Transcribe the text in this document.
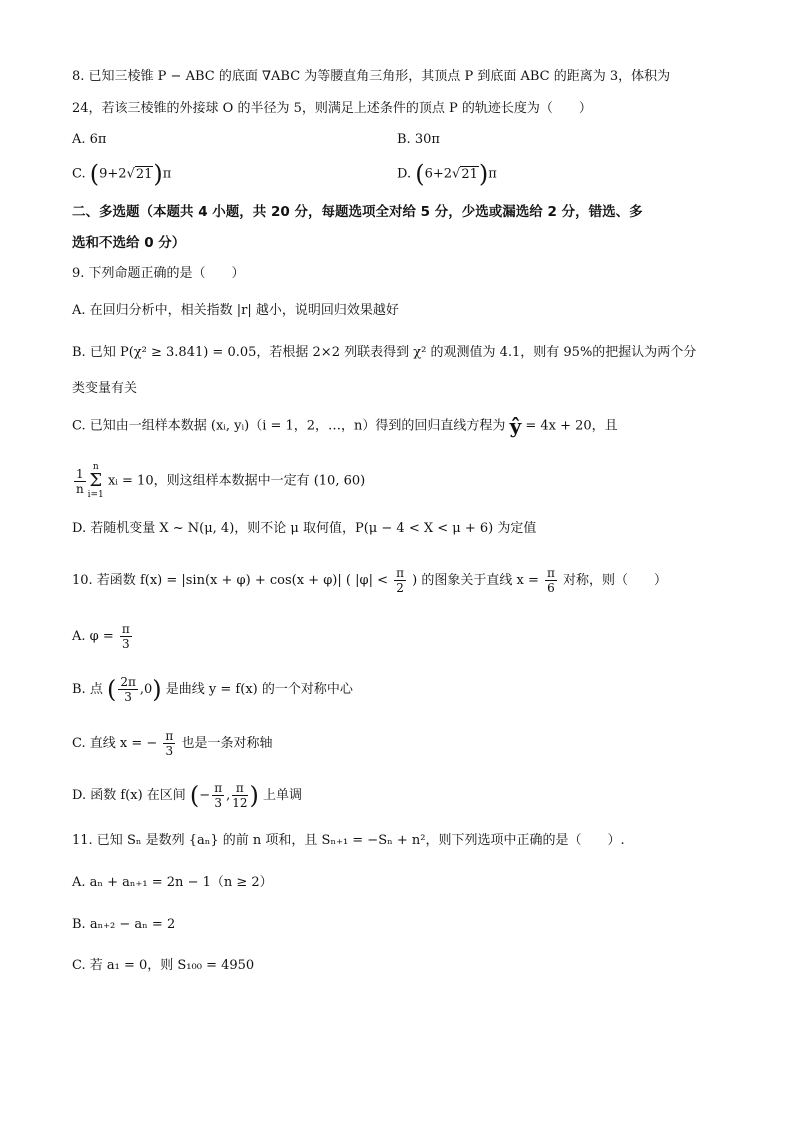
8. 已知三棱锥 P − ABC 的底面 ∇ABC 为等腰直角三角形，其顶点 P 到底面 ABC 的距离为 3，体积为
24，若该三棱锥的外接球 O 的半径为 5，则满足上述条件的顶点 P 的轨迹长度为（　　）
A. 6π	B. 30π
C. (9+2√21)π	D. (6+2√21)π
二、多选题（本题共 4 小题，共 20 分，每题选项全对给 5 分，少选或漏选给 2 分，错选、多
选和不选给 0 分）
9. 下列命题正确的是（　　）
A. 在回归分析中，相关指数 |r| 越小，说明回归效果越好
B. 已知 P(χ² ≥ 3.841) = 0.05，若根据 2×2 列联表得到 χ² 的观测值为 4.1，则有 95%的把握认为两个分
类变量有关
C. 已知由一组样本数据 (xᵢ, yᵢ)（i = 1，2，…，n）得到的回归直线方程为 ŷ = 4x + 20，且
$\frac{1}{n}$ n
Σ
i=1 xᵢ = 10，则这组样本数据中一定有 (10, 60)
D. 若随机变量 X ~ N(μ, 4)，则不论 μ 取何值，P(μ − 4 < X < μ + 6) 为定值
10. 若函数 f(x) = |sin(x + φ) + cos(x + φ)| ( $|\varphi| < \frac{\pi}{2}$ ) 的图象关于直线 $x = \frac{\pi}{6}$ 对称，则（　　）
A. $\varphi = \frac{\pi}{3}$
B. 点 ( $\frac{2\pi}{3} ,0$) 是曲线 y = f(x) 的一个对称中心
C. 直线 x = − $\frac{\pi}{3}$ 也是一条对称轴
D. 函数 f(x) 在区间 (− $\frac{\pi}{3}$ , $\frac{\pi}{12}$ ) 上单调
11. 已知 Sₙ 是数列 {aₙ} 的前 n 项和，且 Sₙ₊₁ = −Sₙ + n²，则下列选项中正确的是（　　）.
A. aₙ + aₙ₊₁ = 2n − 1（n ≥ 2）
B. aₙ₊₂ − aₙ = 2
C. 若 a₁ = 0，则 S₁₀₀ = 4950
